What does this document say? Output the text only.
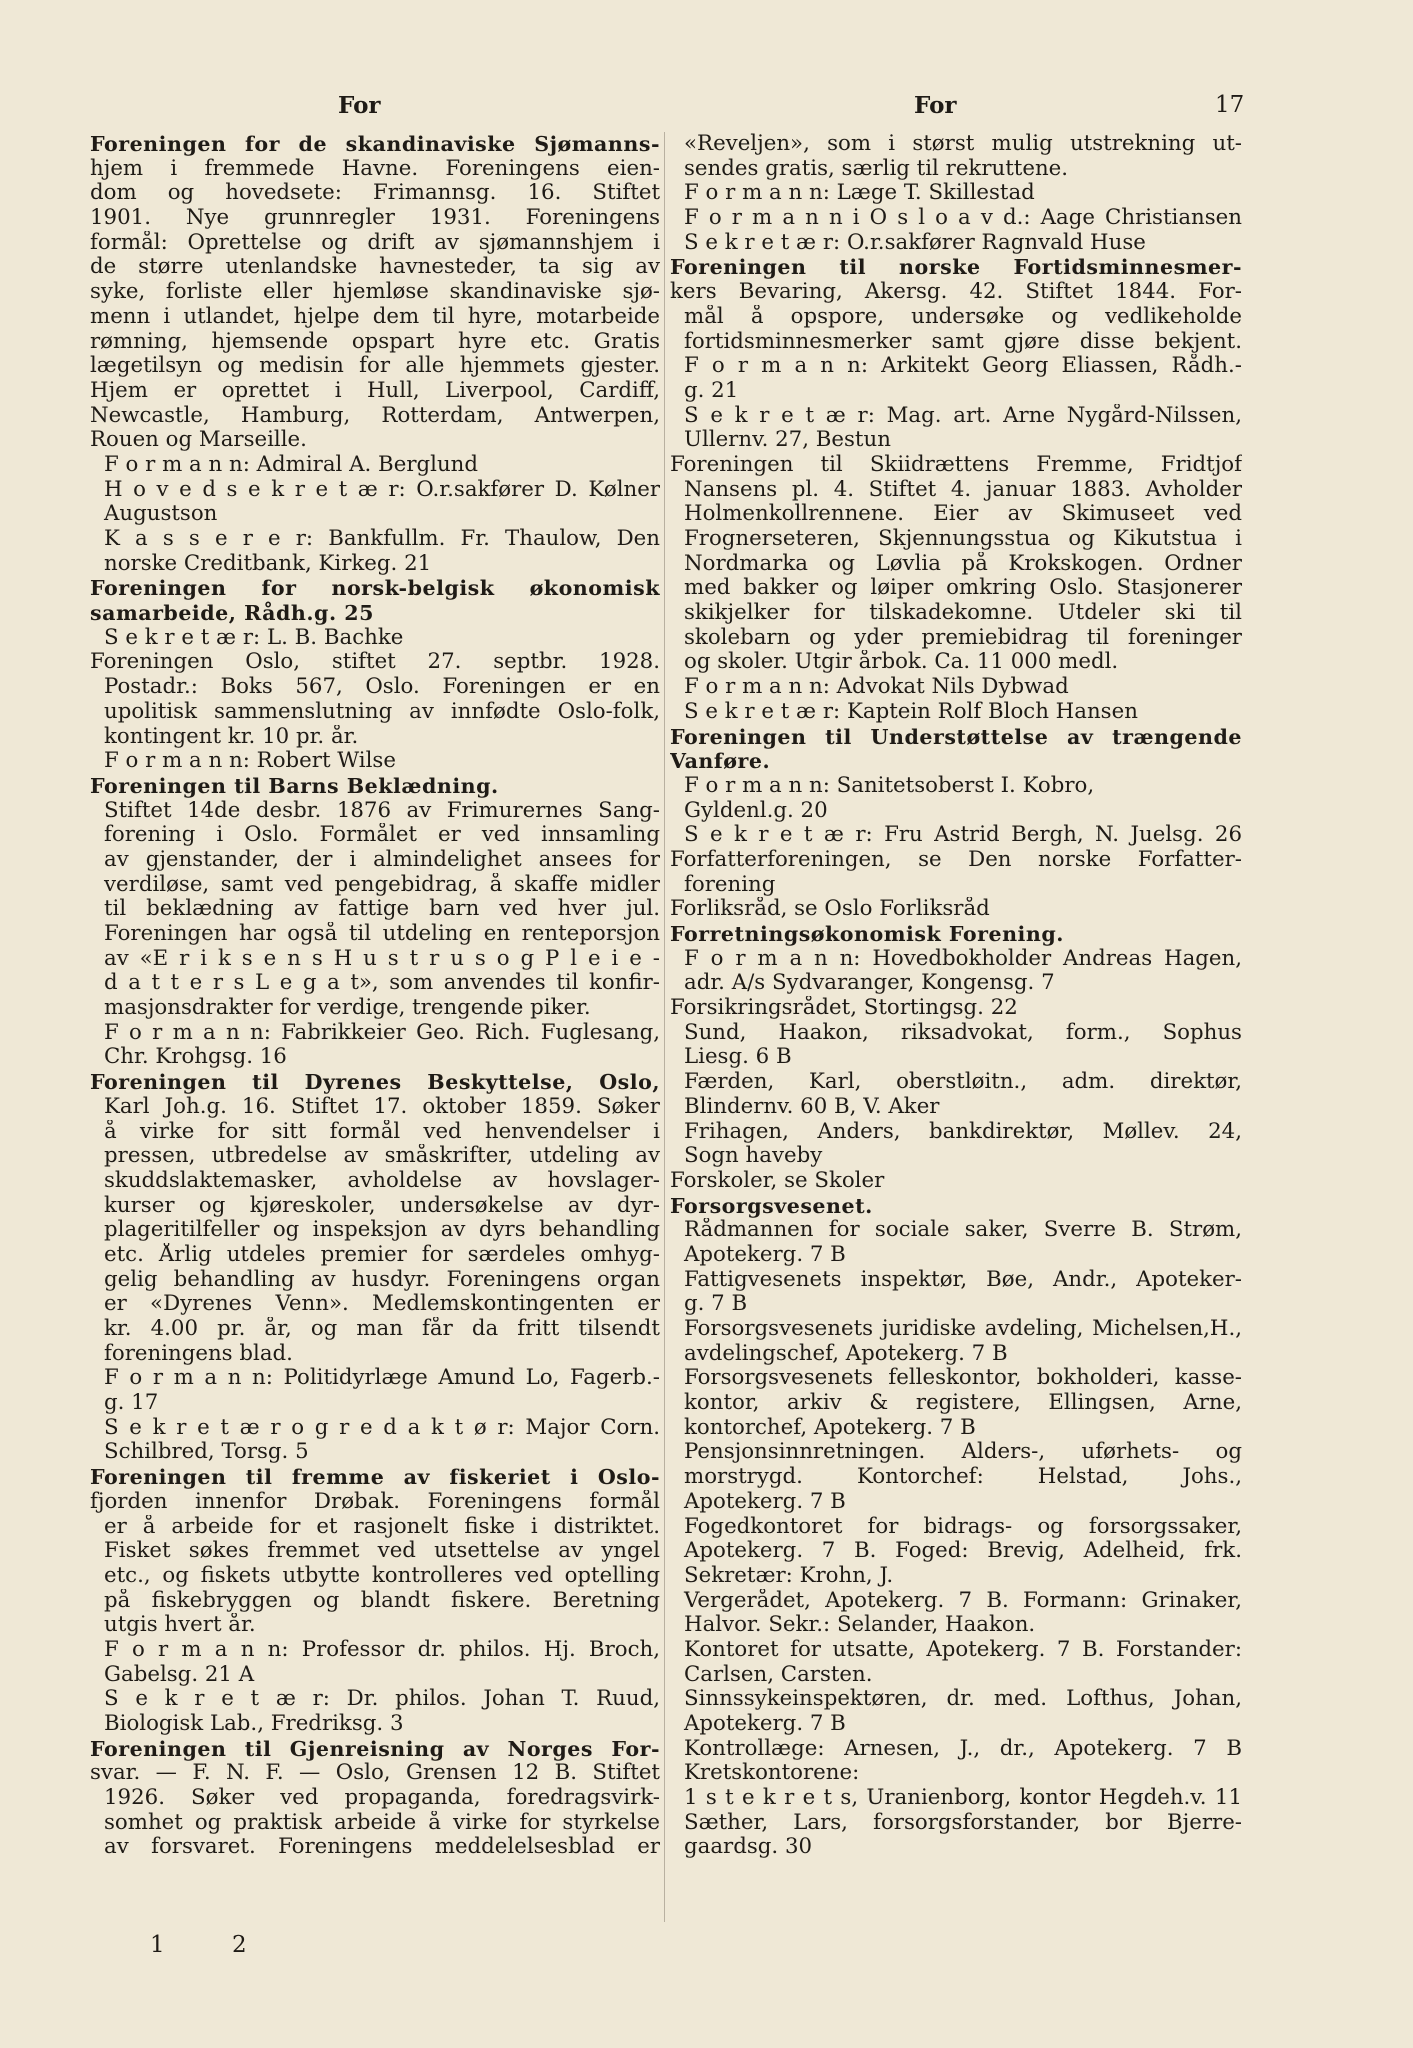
For	For	17
Foreningen for de skandinaviske Sjømanns-
hjem i fremmede Havne. Foreningens eien-
dom og hovedsete: Frimannsg. 16. Stiftet
1901. Nye grunnregler 1931. Foreningens
formål: Oprettelse og drift av sjømannshjem i
de større utenlandske havnesteder, ta sig av
syke, forliste eller hjemløse skandinaviske sjø-
menn i utlandet, hjelpe dem til hyre, motarbeide
rømning, hjemsende opspart hyre etc. Gratis
lægetilsyn og medisin for alle hjemmets gjester.
Hjem er oprettet i Hull, Liverpool, Cardiff,
Newcastle, Hamburg, Rotterdam, Antwerpen,
Rouen og Marseille.
F o r m a n n: Admiral A. Berglund
H o v e d s e k r e t æ r: O.r.sakfører D. Kølner
Augustson
K a s s e r e r: Bankfullm. Fr. Thaulow, Den
norske Creditbank, Kirkeg. 21
Foreningen for norsk-belgisk økonomisk
samarbeide, Rådh.g. 25
S e k r e t æ r: L. B. Bachke
Foreningen Oslo, stiftet 27. septbr. 1928.
Postadr.: Boks 567, Oslo. Foreningen er en
upolitisk sammenslutning av innfødte Oslo-folk,
kontingent kr. 10 pr. år.
F o r m a n n: Robert Wilse
Foreningen til Barns Beklædning.
Stiftet 14de desbr. 1876 av Frimurernes Sang-
forening i Oslo. Formålet er ved innsamling
av gjenstander, der i almindelighet ansees for
verdiløse, samt ved pengebidrag, å skaffe midler
til beklædning av fattige barn ved hver jul.
Foreningen har også til utdeling en renteporsjon
av «E r i k s e n s H u s t r u s o g P l e i e -
d a t t e r s L e g a t», som anvendes til konfir-
masjonsdrakter for verdige, trengende piker.
F o r m a n n: Fabrikkeier Geo. Rich. Fuglesang,
Chr. Krohgsg. 16
Foreningen til Dyrenes Beskyttelse, Oslo,
Karl Joh.g. 16. Stiftet 17. oktober 1859. Søker
å virke for sitt formål ved henvendelser i
pressen, utbredelse av småskrifter, utdeling av
skuddslaktemasker, avholdelse av hovslager-
kurser og kjøreskoler, undersøkelse av dyr-
plageritilfeller og inspeksjon av dyrs behandling
etc. Årlig utdeles premier for særdeles omhyg-
gelig behandling av husdyr. Foreningens organ
er «Dyrenes Venn». Medlemskontingenten er
kr. 4.00 pr. år, og man får da fritt tilsendt
foreningens blad.
F o r m a n n: Politidyrlæge Amund Lo, Fagerb.-
g. 17
S e k r e t æ r o g r e d a k t ø r: Major Corn.
Schilbred, Torsg. 5
Foreningen til fremme av fiskeriet i Oslo-
fjorden innenfor Drøbak. Foreningens formål
er å arbeide for et rasjonelt fiske i distriktet.
Fisket søkes fremmet ved utsettelse av yngel
etc., og fiskets utbytte kontrolleres ved optelling
på fiskebryggen og blandt fiskere. Beretning
utgis hvert år.
F o r m a n n: Professor dr. philos. Hj. Broch,
Gabelsg. 21 A
S e k r e t æ r: Dr. philos. Johan T. Ruud,
Biologisk Lab., Fredriksg. 3
Foreningen til Gjenreisning av Norges For-
svar. — F. N. F. — Oslo, Grensen 12 B. Stiftet
1926. Søker ved propaganda, foredragsvirk-
somhet og praktisk arbeide å virke for styrkelse
av forsvaret. Foreningens meddelelsesblad er
«Reveljen», som i størst mulig utstrekning ut-
sendes gratis, særlig til rekruttene.
F o r m a n n: Læge T. Skillestad
F o r m a n n i O s l o a v d.: Aage Christiansen
S e k r e t æ r: O.r.sakfører Ragnvald Huse
Foreningen til norske Fortidsminnesmer-
kers Bevaring, Akersg. 42. Stiftet 1844. For-
mål å opspore, undersøke og vedlikeholde
fortidsminnesmerker samt gjøre disse bekjent.
F o r m a n n: Arkitekt Georg Eliassen, Rådh.-
g. 21
S e k r e t æ r: Mag. art. Arne Nygård-Nilssen,
Ullernv. 27, Bestun
Foreningen til Skiidrættens Fremme, Fridtjof
Nansens pl. 4. Stiftet 4. januar 1883. Avholder
Holmenkollrennene. Eier av Skimuseet ved
Frognerseteren, Skjennungsstua og Kikutstua i
Nordmarka og Løvlia på Krokskogen. Ordner
med bakker og løiper omkring Oslo. Stasjonerer
skikjelker for tilskadekomne. Utdeler ski til
skolebarn og yder premiebidrag til foreninger
og skoler. Utgir årbok. Ca. 11 000 medl.
F o r m a n n: Advokat Nils Dybwad
S e k r e t æ r: Kaptein Rolf Bloch Hansen
Foreningen til Understøttelse av trængende
Vanføre.
F o r m a n n: Sanitetsoberst I. Kobro,
Gyldenl.g. 20
S e k r e t æ r: Fru Astrid Bergh, N. Juelsg. 26
Forfatterforeningen, se Den norske Forfatter-
forening
Forliksråd, se Oslo Forliksråd
Forretningsøkonomisk Forening.
F o r m a n n: Hovedbokholder Andreas Hagen,
adr. A/s Sydvaranger, Kongensg. 7
Forsikringsrådet, Stortingsg. 22
Sund, Haakon, riksadvokat, form., Sophus
Liesg. 6 B
Færden, Karl, oberstløitn., adm. direktør,
Blindernv. 60 B, V. Aker
Frihagen, Anders, bankdirektør, Møllev. 24,
Sogn haveby
Forskoler, se Skoler
Forsorgsvesenet.
Rådmannen for sociale saker, Sverre B. Strøm,
Apotekerg. 7 B
Fattigvesenets inspektør, Bøe, Andr., Apoteker-
g. 7 B
Forsorgsvesenets juridiske avdeling, Michelsen,H.,
avdelingschef, Apotekerg. 7 B
Forsorgsvesenets felleskontor, bokholderi, kasse-
kontor, arkiv & registere, Ellingsen, Arne,
kontorchef, Apotekerg. 7 B
Pensjonsinnretningen. Alders-, uførhets- og
morstrygd. Kontorchef: Helstad, Johs.,
Apotekerg. 7 B
Fogedkontoret for bidrags- og forsorgssaker,
Apotekerg. 7 B. Foged: Brevig, Adelheid, frk.
Sekretær: Krohn, J.
Vergerådet, Apotekerg. 7 B. Formann: Grinaker,
Halvor. Sekr.: Selander, Haakon.
Kontoret for utsatte, Apotekerg. 7 B. Forstander:
Carlsen, Carsten.
Sinnssykeinspektøren, dr. med. Lofthus, Johan,
Apotekerg. 7 B
Kontrollæge: Arnesen, J., dr., Apotekerg. 7 B
Kretskontorene:
1 s t e k r e t s, Uranienborg, kontor Hegdeh.v. 11
Sæther, Lars, forsorgsforstander, bor Bjerre-
gaardsg. 30
1	2
